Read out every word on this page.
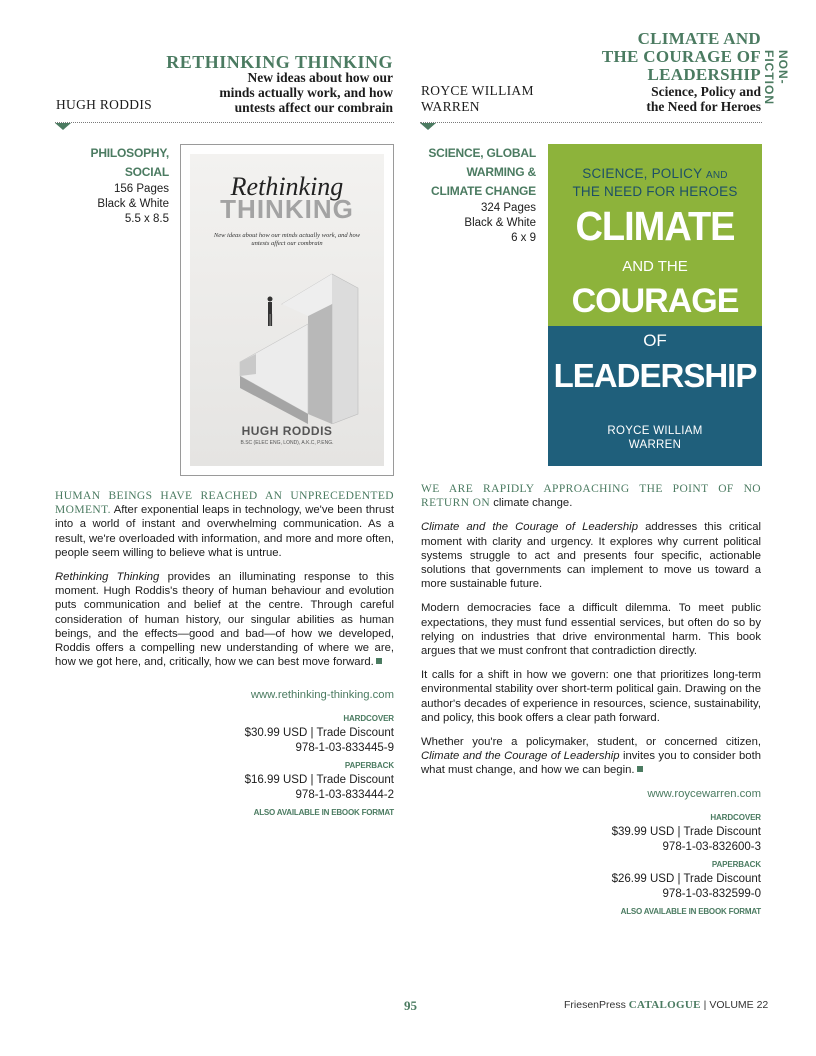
RETHINKING THINKING
New ideas about how our
minds actually work, and how
untests affect our combrain
HUGH RODDIS
CLIMATE AND
THE COURAGE OF
LEADERSHIP
Science, Policy and
the Need for Heroes
ROYCE WILLIAM
WARREN
NON-FICTION
PHILOSOPHY, SOCIAL
156 Pages
Black & White
5.5 x 8.5
Rethinking
THINKING
New ideas about how our minds actually work, and how untests affect our combrain
HUGH RODDIS
B.SC (ELEC ENG, LOND), A.K.C, P.ENG.
SCIENCE, GLOBAL
WARMING &
CLIMATE CHANGE
324 Pages
Black & White
6 x 9
SCIENCE, POLICY AND
THE NEED FOR HEROES
CLIMATE
AND THE
COURAGE
OF
LEADERSHIP
ROYCE WILLIAM
WARREN

HUMAN BEINGS HAVE REACHED AN UNPRECEDENTED MOMENT. After exponential leaps in technology, we've been thrust into a world of instant and overwhelming communication. As a result, we're overloaded with information, and more and more often, people seem willing to believe what is untrue.

Rethinking Thinking provides an illuminating response to this moment. Hugh Roddis's theory of human behaviour and evolution puts communication and belief at the centre. Through careful consideration of human history, our singular abilities as human beings, and the effects—good and bad—of how we developed, Roddis offers a compelling new understanding of where we are, how we got here, and, critically, how we can best move forward.

www.rethinking-thinking.com
HARDCOVER
$30.99 USD | Trade Discount
978-1-03-833445-9
PAPERBACK
$16.99 USD | Trade Discount
978-1-03-833444-2
ALSO AVAILABLE IN EBOOK FORMAT

WE ARE RAPIDLY APPROACHING THE POINT OF NO RETURN ON climate change.

Climate and the Courage of Leadership addresses this critical moment with clarity and urgency. It explores why current political systems struggle to act and presents four specific, actionable solutions that governments can implement to move us toward a more sustainable future.

Modern democracies face a difficult dilemma. To meet public expectations, they must fund essential services, but often do so by relying on industries that drive environmental harm. This book argues that we must confront that contradiction directly.

It calls for a shift in how we govern: one that prioritizes long-term environmental stability over short-term political gain. Drawing on the author's decades of experience in resources, science, sustainability, and policy, this book offers a clear path forward.

Whether you're a policymaker, student, or concerned citizen, Climate and the Courage of Leadership invites you to consider both what must change, and how we can begin.

www.roycewarren.com
HARDCOVER
$39.99 USD | Trade Discount
978-1-03-832600-3
PAPERBACK
$26.99 USD | Trade Discount
978-1-03-832599-0
ALSO AVAILABLE IN EBOOK FORMAT
95	FriesenPress CATALOGUE | VOLUME 22
